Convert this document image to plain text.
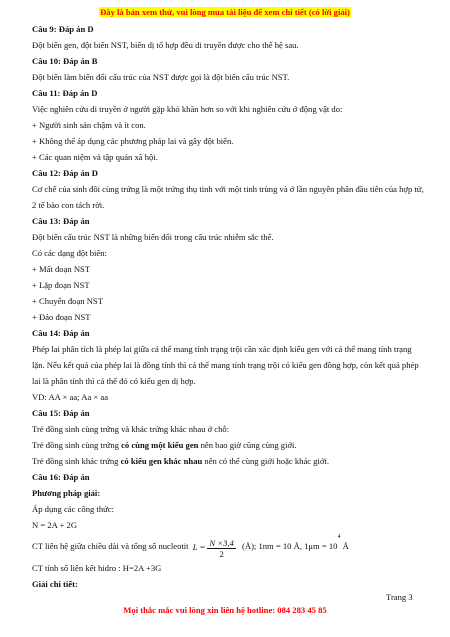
Đây là bản xem thử, vui lòng mua tài liệu để xem chi tiết (có lời giải)
Câu 9: Đáp án D
Đột biến gen, đột biến NST, biến dị tổ hợp đều di truyền được cho thế hệ sau.
Câu 10: Đáp án B
Đột biến làm biến đổi cấu trúc của NST được gọi là đột biến cấu trúc NST.
Câu 11: Đáp án D
Việc nghiên cứu di truyền ở người gặp khó khăn hơn so với khi nghiên cứu ở động vật do:
+ Người sinh sản chậm và ít con.
+ Không thể áp dụng các phương pháp lai và gây đột biến.
+ Các quan niệm và tập quán xã hội.
Câu 12: Đáp án D
Cơ chế của sinh đôi cùng trứng là một trứng thụ tinh với một tinh trùng và ở lần nguyên phân đầu tiên của hợp tử, 2 tế bào con tách rời.
Câu 13: Đáp án
Đột biến cấu trúc NST là những biến đổi trong cấu trúc nhiễm sắc thể.
Có các dạng đột biến:
+ Mất đoạn NST
+ Lặp đoạn NST
+ Chuyển đoạn NST
+ Đảo đoạn NST
Câu 14: Đáp án
Phép lai phân tích là phép lai giữa cá thể mang tính trạng trội cần xác định kiểu gen với cá thể mang tính trạng lặn. Nếu kết quả của phép lai là đồng tính thì cá thể mang tính trạng trội có kiểu gen đồng hợp, còn kết quả phép lai là phân tính thì cá thể đó có kiểu gen dị hợp.
VD: AA × aa; Aa × aa
Câu 15: Đáp án
Trẻ đồng sinh cùng trứng và khác trứng khác nhau ở chỗ:
Trẻ đồng sinh cùng trứng có cùng một kiểu gen nên bao giờ cũng cùng giới.
Trẻ đồng sinh khác trứng có kiểu gen khác nhau nên có thể cùng giới hoặc khác giới.
Câu 16: Đáp án
Phương pháp giải:
Áp dụng các công thức:
N = 2A + 2G
CT liên hệ giữa chiều dài và tổng số nucleotit $L = \frac{N \times 3,4}{2}$ (Å); 1nm = 10 Å, $1\mu m = 10^4$ Å
CT tính số liên kết hidro : H=2A +3G
Giải chi tiết:
Trang 3
Mọi thắc mắc vui lòng xin liên hệ hotline: 084 283 45 85
